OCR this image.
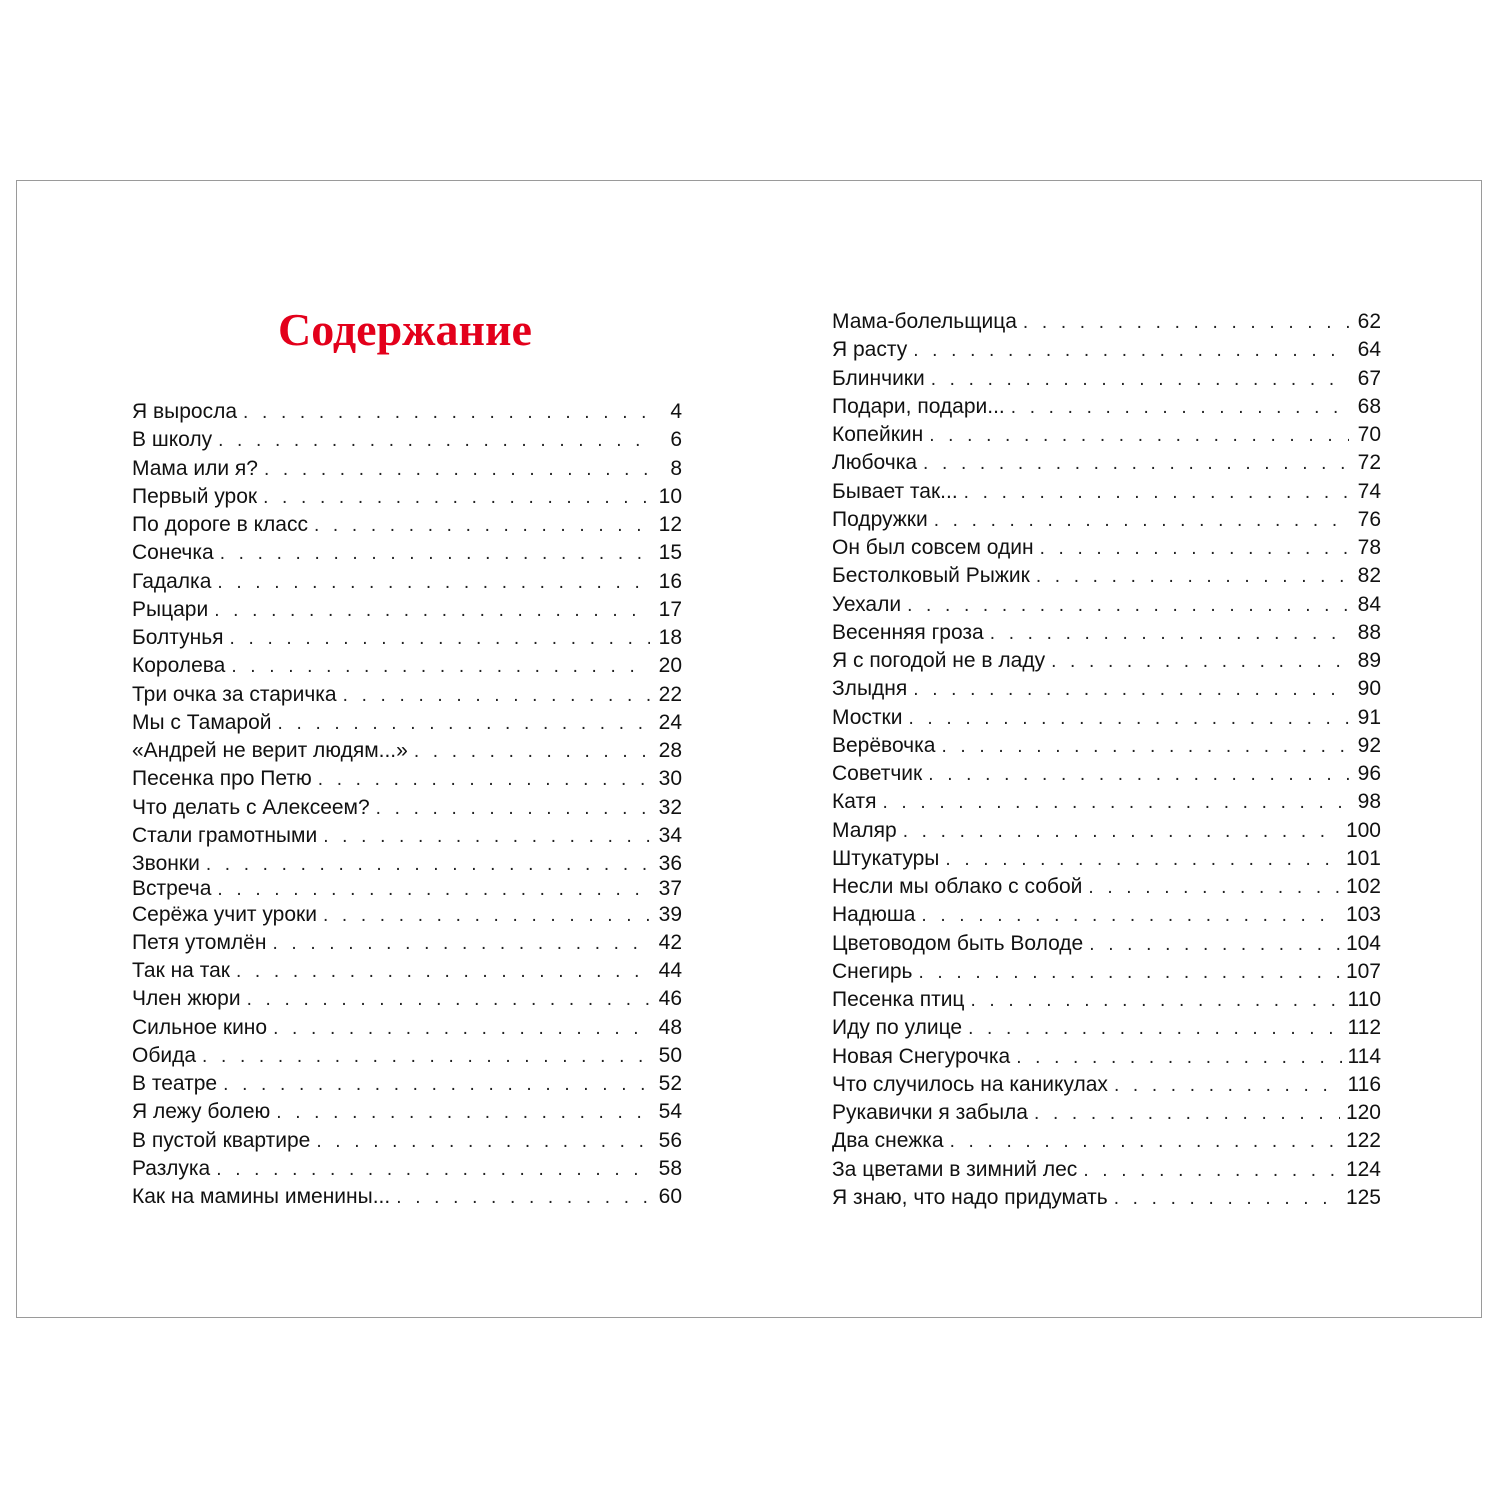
Содержание
Я выросла . . .	4
В школу . . .	6
Мама или я? . . .	8
Первый урок . . .	10
По дороге в класс . . .	12
Сонечка . . .	15
Гадалка . . .	16
Рыцари . . .	17
Болтунья . . .	18
Королева . . .	20
Три очка за старичка . . .	22
Мы с Тамарой . . .	24
«Андрей не верит людям...» . . .	28
Песенка про Петю . . .	30
Что делать с Алексеем? . . .	32
Стали грамотными . . .	34
Звонки . . .	36
Встреча . . .	37
Серёжа учит уроки . . .	39
Петя утомлён . . .	42
Так на так . . .	44
Член жюри . . .	46
Сильное кино . . .	48
Обида . . .	50
В театре . . .	52
Я лежу болею . . .	54
В пустой квартире . . .	56
Разлука . . .	58
Как на мамины именины... . . .	60
Мама-болельщица . . .	62
Я расту . . .	64
Блинчики . . .	67
Подари, подари... . . .	68
Копейкин . . .	70
Любочка . . .	72
Бывает так... . . .	74
Подружки . . .	76
Он был совсем один . . .	78
Бестолковый Рыжик . . .	82
Уехали . . .	84
Весенняя гроза . . .	88
Я с погодой не в ладу . . .	89
Злыдня . . .	90
Мостки . . .	91
Верёвочка . . .	92
Советчик . . .	96
Катя . . .	98
Маляр . . .	100
Штукатуры . . .	101
Несли мы облако с собой . . .	102
Надюша . . .	103
Цветоводом быть Володе . . .	104
Снегирь . . .	107
Песенка птиц . . .	110
Иду по улице . . .	112
Новая Снегурочка . . .	114
Что случилось на каникулах . . .	116
Рукавички я забыла . . .	120
Два снежка . . .	122
За цветами в зимний лес . . .	124
Я знаю, что надо придумать . . .	125
